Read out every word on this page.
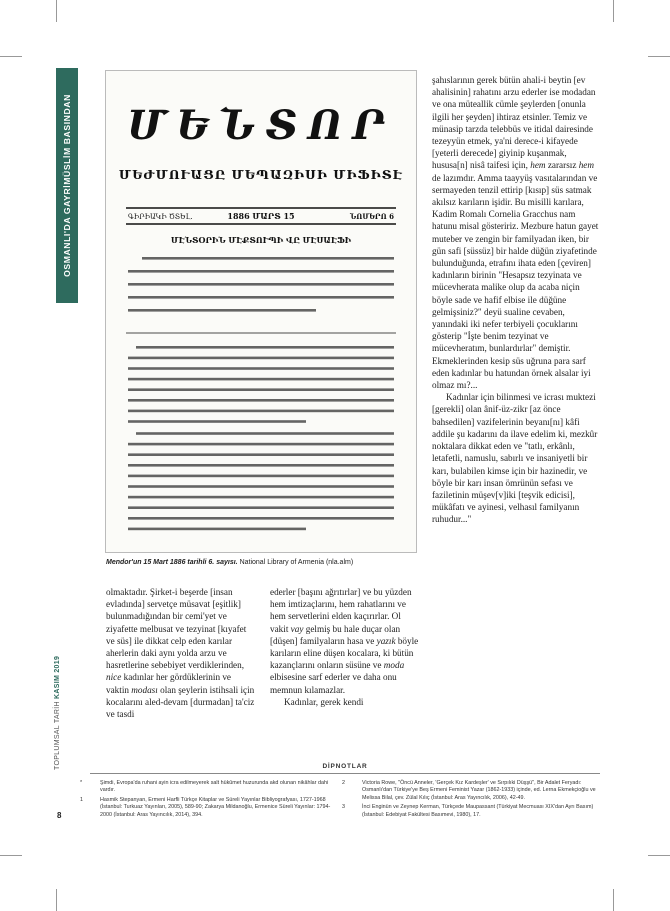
OSMANLI'DA GAYRİMÜSLİM BASINDAN
TOPLUMSAL TARİH KASIM 2019
8
ՄԵՆՏՈՐ
ՄԵԺՄՈՒԱՑԸ ՄԵՊԱԶԻՍԻ ՄԻՖԻՏԷ
ԳԻՐԻԱԿԻ ԾՏԵԼ.	1886 ՄԱՐՏ 15	ՆՈՄԵՐՈ 6
ՄԷՆՏՕՐԻՆ ՄԷՔՏՈՒՊԻ ՎԸ ՄԷՍԱԷՖԻ
Mendor'un 15 Mart 1886 tarihli 6. sayısı. National Library of Armenia (nla.alm)

olmaktadır. Şirket-i beşerde [insan evladında] servetçe müsavat [eşitlik] bulunmadığından bir cemi'yet ve ziyafette melbusat ve tezyinat [kıyafet ve süs] ile dikkat celp eden karılar aherlerin daki aynı yolda arzu ve hasretlerine sebebiyet verdiklerinden, nice kadınlar her gördüklerinin ve vaktin modası olan şeylerin istihsali için kocalarını aled-devam [durmadan] ta'ciz ve tasdi

ederler [başını ağrıtırlar] ve bu yüzden hem imtizaçlarını, hem rahatlarını ve hem servetlerini elden kaçırırlar. Ol vakit vay gelmiş bu hale duçar olan [düşen] familyaların hasa ve yazık böyle karıların eline düşen kocalara, ki bütün kazançlarını onların süsüne ve moda elbisesine sarf ederler ve daha onu memnun kılamazlar.

Kadınlar, gerek kendi

şahıslarının gerek bütün ahali-i beytin [ev ahalisinin] rahatını arzu ederler ise modadan ve ona müteallik cümle şeylerden [onunla ilgili her şeyden] ihtiraz etsinler. Temiz ve münasip tarzda telebbüs ve itidal dairesinde tezeyyün etmek, ya'ni derece-i kifayede [yeterli derecede] giyinip kuşanmak, hususa[n] nisâ taifesi için, hem zararsız hem de lazımdır. Amma taayyüş vasıtalarından ve sermayeden tenzil ettirip [kısıp] süs satmak akılsız karıların işidir. Bu misilli karılara, Kadim Romalı Cornelia Gracchus nam hatunu misal gösteririz. Mezbure hatun gayet muteber ve zengin bir familyadan iken, bir gün safi [süssüz] bir halde düğün ziyafetinde bulunduğunda, etrafını ihata eden [çeviren] kadınların birinin "Hesapsız tezyinata ve mücevherata malike olup da acaba niçin böyle sade ve hafif elbise ile düğüne gelmişsiniz?" deyü sualine cevaben, yanındaki iki nefer terbiyeli çocuklarını gösterip "İşte benim tezyinat ve mücevheratım, bunlardırlar" demiştir. Ekmeklerinden kesip süs uğruna para sarf eden kadınlar bu hatundan örnek alsalar iyi olmaz mı?...

Kadınlar için bilinmesi ve icrası muktezi [gerekli] olan ânif-üz-zikr [az önce bahsedilen] vazifelerinin beyanı[nı] kâfi addile şu kadarını da ilave edelim ki, mezkûr noktalara dikkat eden ve "tatlı, erkânlı, letafetli, namuslu, sabırlı ve insaniyetli bir karı, bulabilen kimse için bir hazinedir, ve böyle bir karı insan ömrünün sefası ve faziletinin müşev[v]iki [teşvik edicisi], mükâfatı ve ayinesi, velhasıl familyanın ruhudur..."

DİPNOTLAR

*	Şimdi, Evropa'da ruhani ayin icra edilmeyerek salt hükûmet huzurunda akd olunan nikâhlar dahi vardır.

1	Hasmik Stepanyan, Ermeni Harfli Türkçe Kitaplar ve Süreli Yayınlar Bibliyografyası, 1727-1968 (İstanbul: Turkuaz Yayınları, 2005), 589-90; Zakarya Mildanoğlu, Ermenice Süreli Yayınlar: 1794-2000 (İstanbul: Aras Yayıncılık, 2014), 394.

2	Victoria Rowe, "Öncü Anneler, 'Gerçek Kız Kardeşler' ve Sırpılıki Düşşü", Bir Adalet Feryadı: Osmanlı'dan Türkiye'ye Beş Ermeni Feminist Yazar (1862-1933) içinde, ed. Lerna Ekmekçioğlu ve Melissa Bilal, çev. Zülal Kılıç (İstanbul: Aras Yayıncılık, 2006), 42-49.

3	İnci Enginün ve Zeynep Kerman, Türkçede Maupassant (Türkiyat Mecmuası XIX'dan Ayrı Basım) (İstanbul: Edebiyat Fakültesi Basımevi, 1980), 17.
